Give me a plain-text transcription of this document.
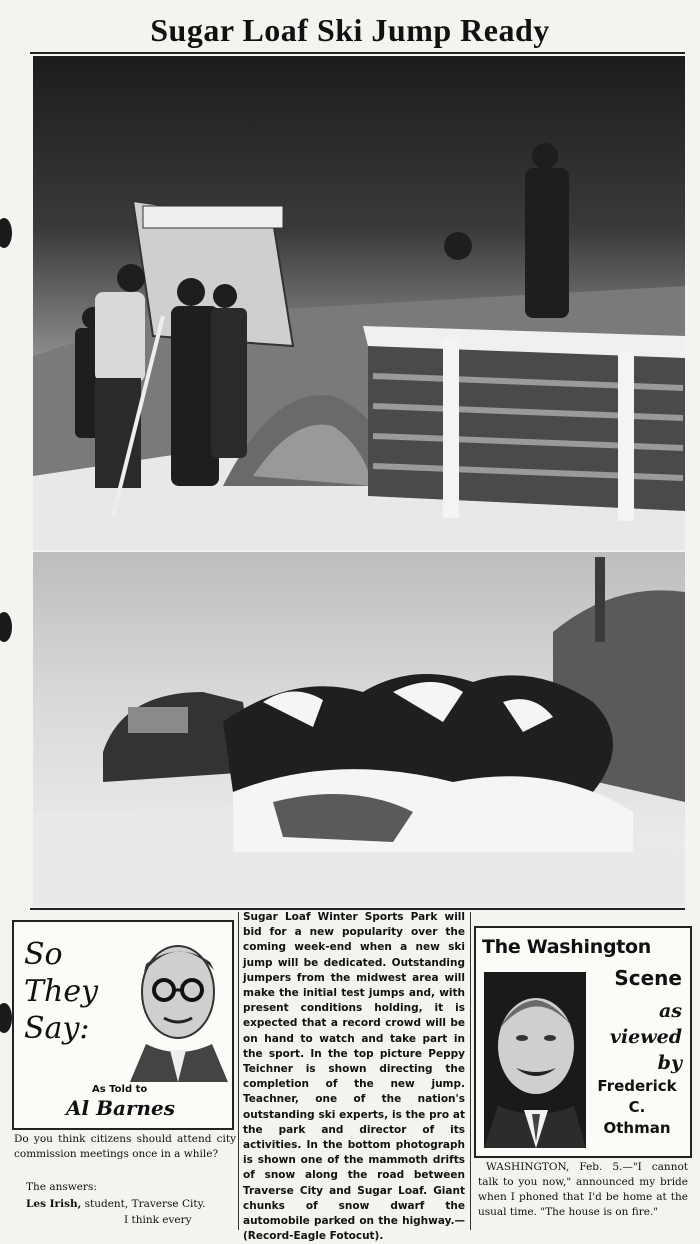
Sugar Loaf Ski Jump Ready
So
They
Say:
As Told to
Al Barnes
Do you think citizens should attend city commission meetings once in a while?
The answers:
Les Irish, student, Traverse City.
I think every
Sugar Loaf Winter Sports Park will bid for a new popularity over the coming week-end when a new ski jump will be dedicated. Outstanding jumpers from the midwest area will make the initial test jumps and, with present conditions holding, it is expected that a record crowd will be on hand to watch and take part in the sport. In the top picture Peppy Teichner is shown directing the completion of the new jump. Teachner, one of the nation's outstanding ski experts, is the pro at the park and director of its activities. In the bottom photograph is shown one of the mammoth drifts of snow along the road between Traverse City and Sugar Loaf. Giant chunks of snow dwarf the automobile parked on the highway.—(Record-Eagle Fotocut).
The Washington
Scene
as
viewed
by
Frederick
C.
Othman
WASHINGTON, Feb. 5.—"I cannot talk to you now," announced my bride when I phoned that I'd be home at the usual time. "The house is on fire."
